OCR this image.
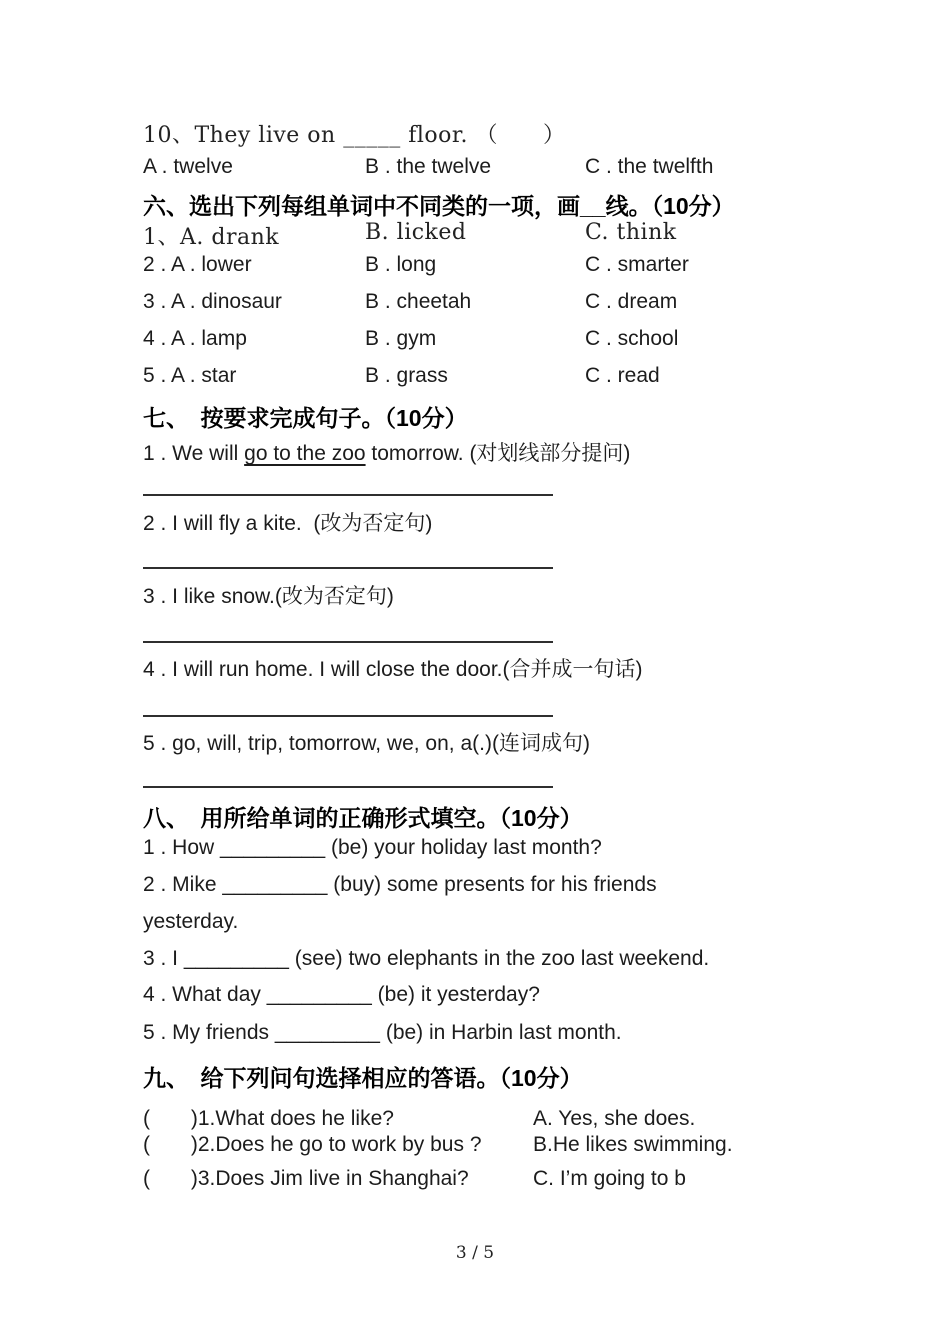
10、They live on _____ floor. （　　）
A . twelve	B . the twelve	C . the twelfth
六、选出下列每组单词中不同类的一项，画__线。（10分）
1、A. drank	B. licked	C. think
2 . A . lower	B . long	C . smarter
3 . A . dinosaur	B . cheetah	C . dream
4 . A . lamp	B . gym	C . school
5 . A . star	B . grass	C . read
七、　按要求完成句子。（10分）
1 . We will go to the zoo tomorrow. (对划线部分提问)
2 . I will fly a kite.  (改为否定句)
3 . I like snow.(改为否定句)
4 . I will run home. I will close the door.(合并成一句话)
5 . go, will, trip, tomorrow, we, on, a(.)(连词成句)
八、　用所给单词的正确形式填空。（10分）
1 . How _________ (be) your holiday last month?
2 . Mike _________ (buy) some presents for his friends
yesterday.
3 . I _________ (see) two elephants in the zoo last weekend.
4 . What day _________ (be) it yesterday?
5 . My friends _________ (be) in Harbin last month.
九、　给下列问句选择相应的答语。（10分）
(       )1.What does he like?	A. Yes, she does.
(       )2.Does he go to work by bus ?	B.He likes swimming.
(       )3.Does Jim live in Shanghai?	C. I’m going to b
3 / 5
